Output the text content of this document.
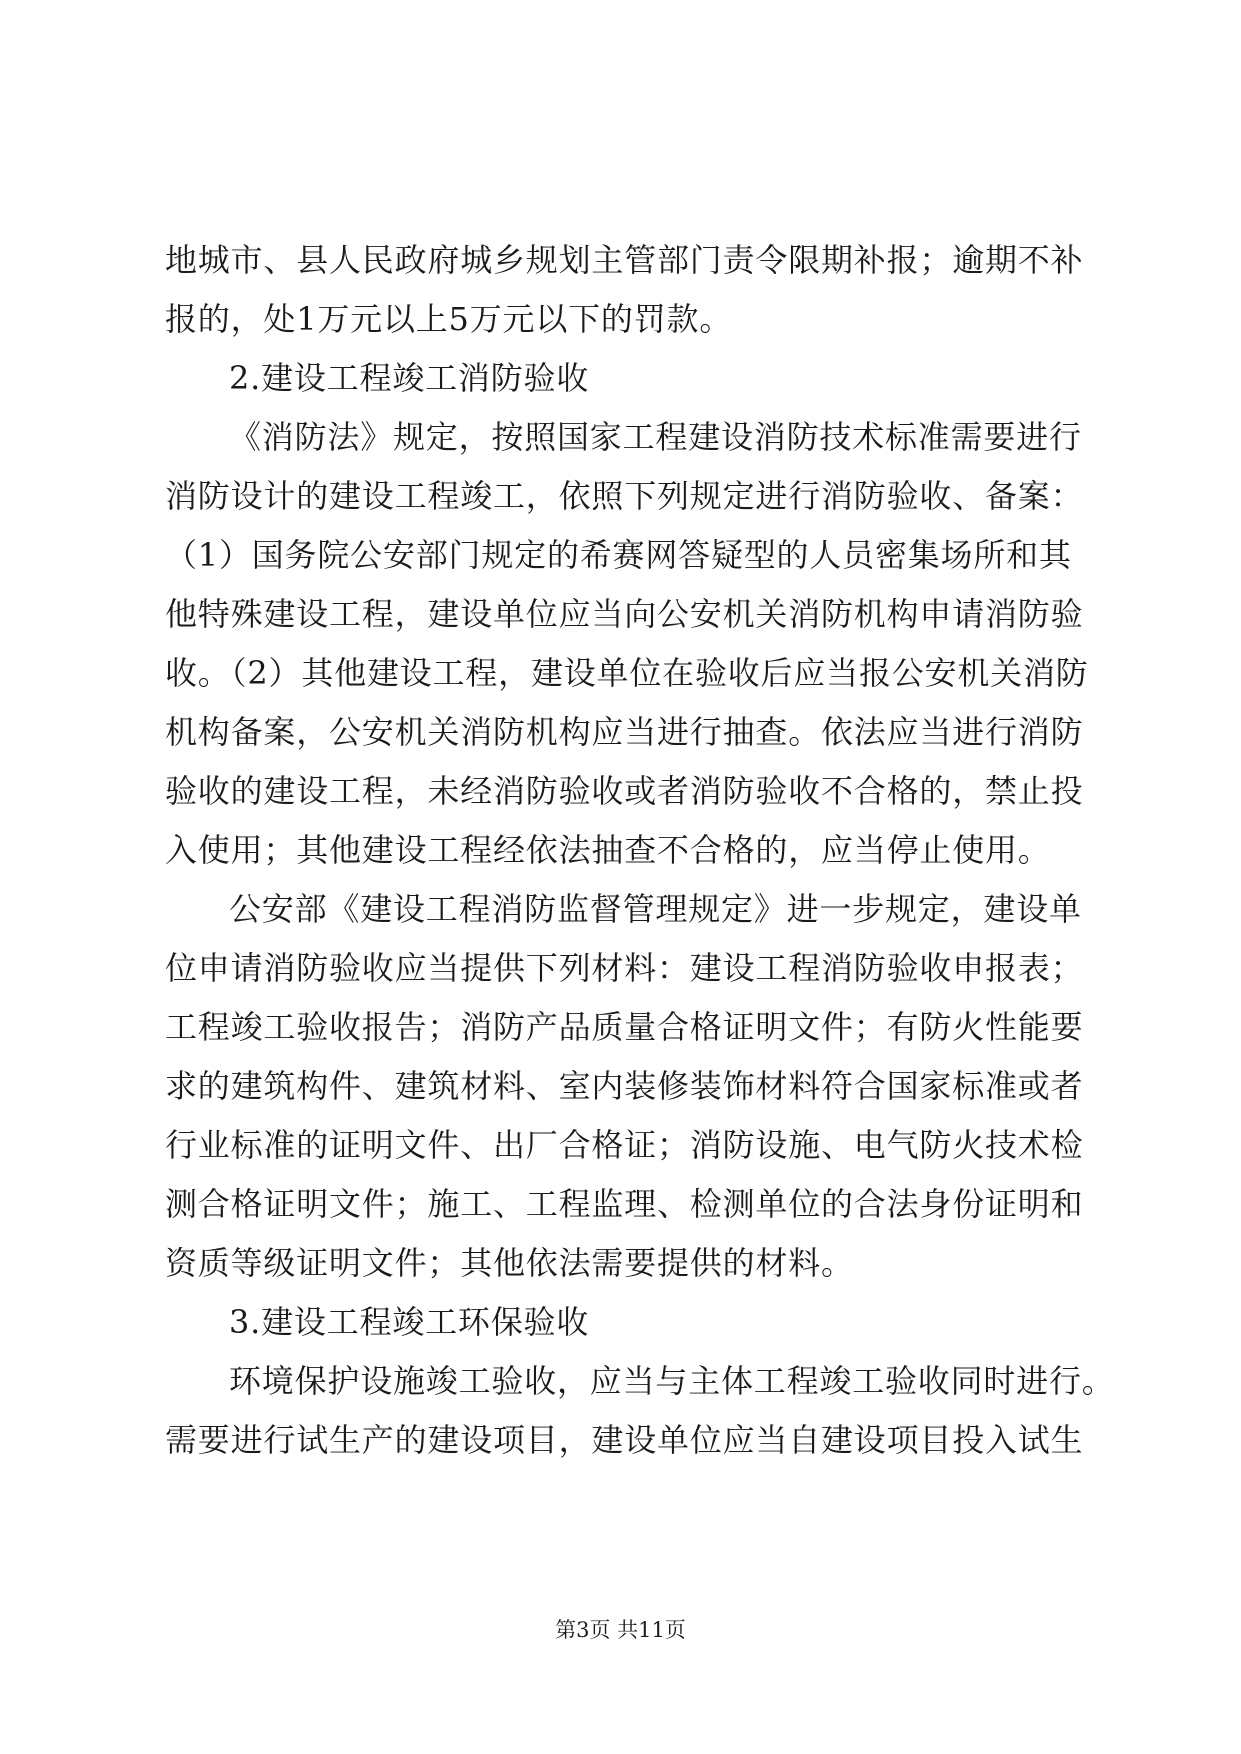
地城市、县人民政府城乡规划主管部门责令限期补报；逾期不补
报的，处1万元以上5万元以下的罚款。
2.建设工程竣工消防验收
《消防法》规定，按照国家工程建设消防技术标准需要进行
消防设计的建设工程竣工，依照下列规定进行消防验收、备案：
（1）国务院公安部门规定的希赛网答疑型的人员密集场所和其
他特殊建设工程，建设单位应当向公安机关消防机构申请消防验
收。（2）其他建设工程，建设单位在验收后应当报公安机关消防
机构备案，公安机关消防机构应当进行抽查。依法应当进行消防
验收的建设工程，未经消防验收或者消防验收不合格的，禁止投
入使用；其他建设工程经依法抽查不合格的，应当停止使用。
公安部《建设工程消防监督管理规定》进一步规定，建设单
位申请消防验收应当提供下列材料：建设工程消防验收申报表；
工程竣工验收报告；消防产品质量合格证明文件；有防火性能要
求的建筑构件、建筑材料、室内装修装饰材料符合国家标准或者
行业标准的证明文件、出厂合格证；消防设施、电气防火技术检
测合格证明文件；施工、工程监理、检测单位的合法身份证明和
资质等级证明文件；其他依法需要提供的材料。
3.建设工程竣工环保验收
环境保护设施竣工验收，应当与主体工程竣工验收同时进行。
需要进行试生产的建设项目，建设单位应当自建设项目投入试生
第3页 共11页
